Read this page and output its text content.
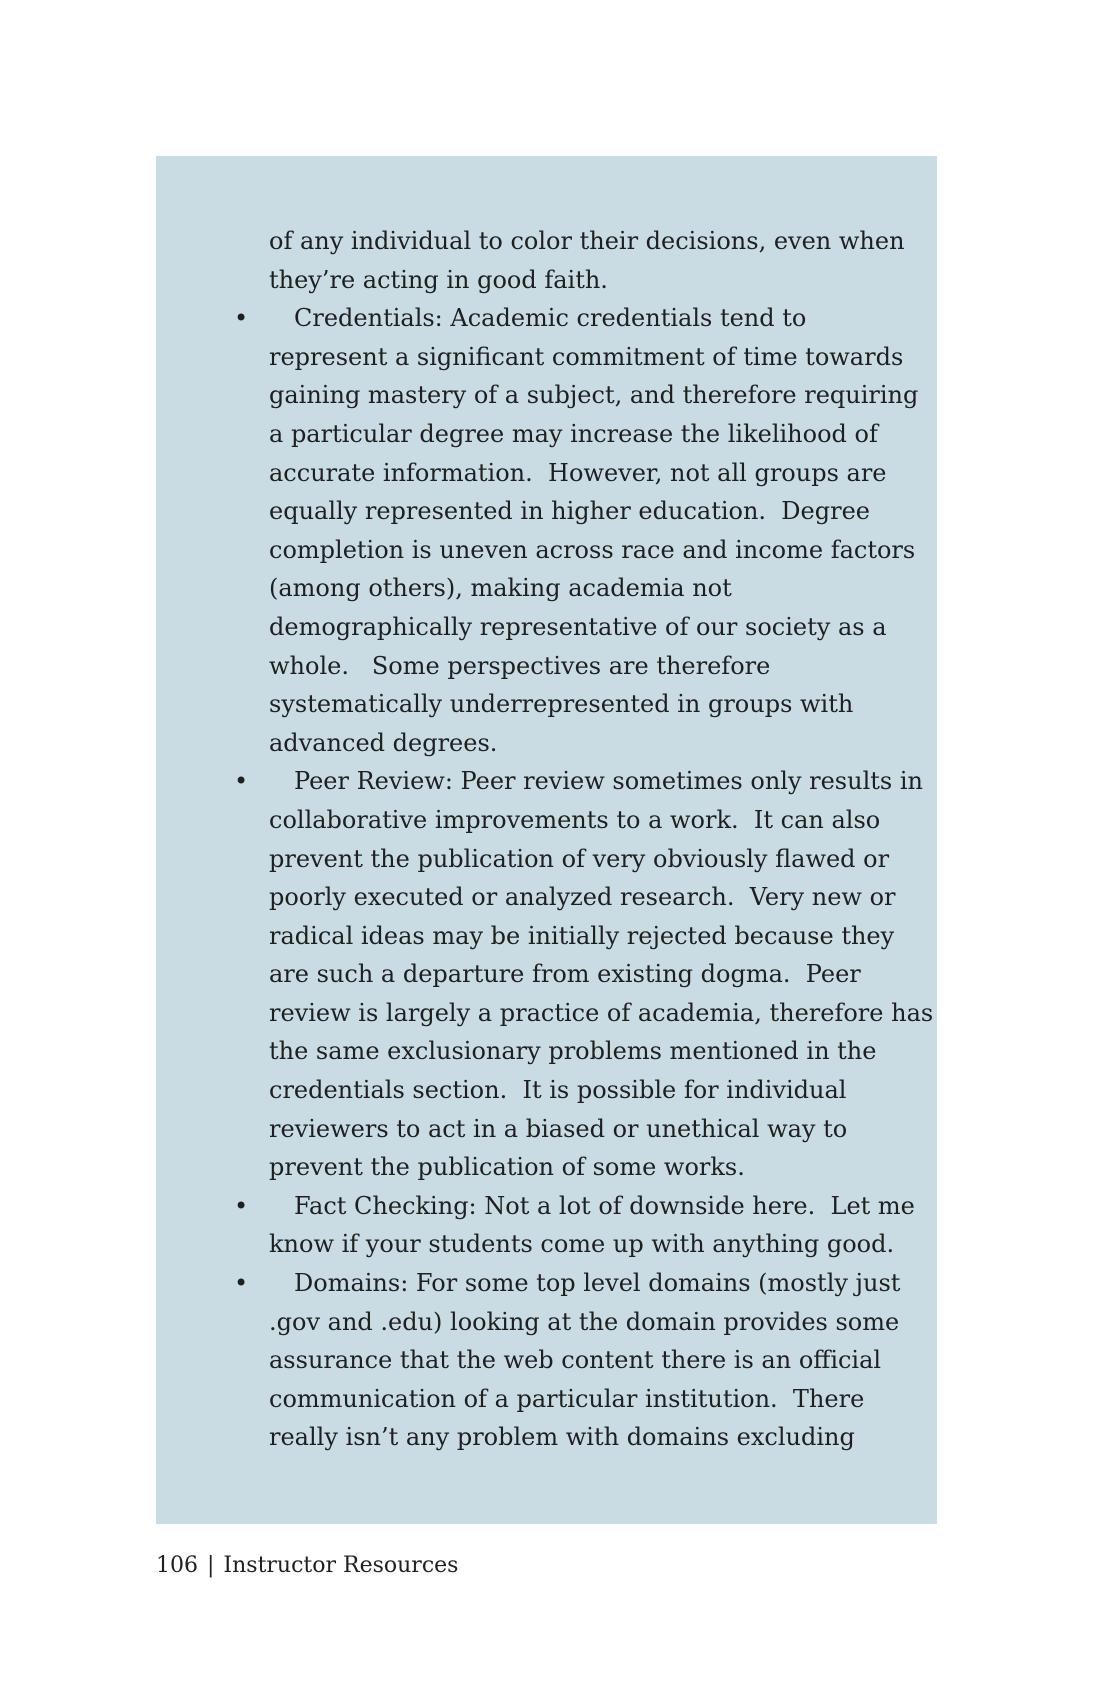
of any individual to color their decisions, even when
they’re acting in good faith.
• Credentials: Academic credentials tend to
represent a significant commitment of time towards
gaining mastery of a subject, and therefore requiring
a particular degree may increase the likelihood of
accurate information.  However, not all groups are
equally represented in higher education.  Degree
completion is uneven across race and income factors
(among others), making academia not
demographically representative of our society as a
whole.   Some perspectives are therefore
systematically underrepresented in groups with
advanced degrees.
• Peer Review: Peer review sometimes only results in
collaborative improvements to a work.  It can also
prevent the publication of very obviously flawed or
poorly executed or analyzed research.  Very new or
radical ideas may be initially rejected because they
are such a departure from existing dogma.  Peer
review is largely a practice of academia, therefore has
the same exclusionary problems mentioned in the
credentials section.  It is possible for individual
reviewers to act in a biased or unethical way to
prevent the publication of some works.
• Fact Checking: Not a lot of downside here.  Let me
know if your students come up with anything good.
• Domains: For some top level domains (mostly just
.gov and .edu) looking at the domain provides some
assurance that the web content there is an official
communication of a particular institution.  There
really isn’t any problem with domains excluding
106 | Instructor Resources
